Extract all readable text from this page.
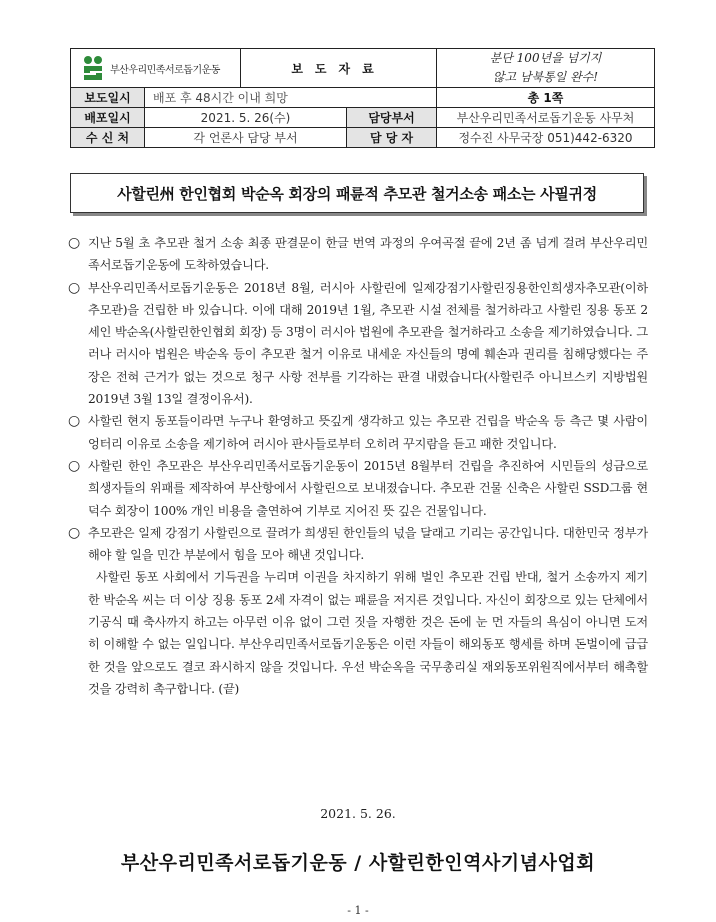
부산우리민족서로돕기운동		보도자료		분단 100년을 넘기지
않고 남북통일 완수!

보도일시	배포 후 48시간 이내 희망			총 1쪽
배포일시	2021. 5. 26(수)		담당부서	부산우리민족서로돕기운동 사무처
수 신 처	각 언론사 담당 부서		담 당 자	정수진 사무국장 051)442-6320
사할린州 한인협회 박순옥 회장의 패륜적 추모관 철거소송 패소는 사필귀정
○ 지난 5월 초 추모관 철거 소송 최종 판결문이 한글 번역 과정의 우여곡절 끝에 2년 좀 넘게 걸려 부산우리민족서로돕기운동에 도착하였습니다.
○ 부산우리민족서로돕기운동은 2018년 8월, 러시아 사할린에 일제강점기사할린징용한인희생자추모관(이하 추모관)을 건립한 바 있습니다. 이에 대해 2019년 1월, 추모관 시설 전체를 철거하라고 사할린 징용 동포 2세인 박순옥(사할린한인협회 회장) 등 3명이 러시아 법원에 추모관을 철거하라고 소송을 제기하였습니다. 그러나 러시아 법원은 박순옥 등이 추모관 철거 이유로 내세운 자신들의 명예 훼손과 권리를 침해당했다는 주장은 전혀 근거가 없는 것으로 청구 사항 전부를 기각하는 판결 내렸습니다(사할린주 아니브스키 지방법원 2019년 3월 13일 결정이유서).
○ 사할린 현지 동포들이라면 누구나 환영하고 뜻깊게 생각하고 있는 추모관 건립을 박순옥 등 측근 몇 사람이 엉터리 이유로 소송을 제기하여 러시아 판사들로부터 오히려 꾸지람을 듣고 패한 것입니다.
○ 사할린 한인 추모관은 부산우리민족서로돕기운동이 2015년 8월부터 건립을 추진하여 시민들의 성금으로 희생자들의 위패를 제작하여 부산항에서 사할린으로 보내졌습니다. 추모관 건물 신축은 사할린 SSD그룹 현덕수 회장이 100% 개인 비용을 출연하여 기부로 지어진 뜻 깊은 건물입니다.
○ 추모관은 일제 강점기 사할린으로 끌려가 희생된 한인들의 넋을 달래고 기리는 공간입니다. 대한민국 정부가 해야 할 일을 민간 부분에서 힘을 모아 해낸 것입니다.
사할린 동포 사회에서 기득권을 누리며 이권을 차지하기 위해 벌인 추모관 건립 반대, 철거 소송까지 제기한 박순옥 씨는 더 이상 징용 동포 2세 자격이 없는 패륜을 저지른 것입니다. 자신이 회장으로 있는 단체에서 기공식 때 축사까지 하고는 아무런 이유 없이 그런 짓을 자행한 것은 돈에 눈 먼 자들의 욕심이 아니면 도저히 이해할 수 없는 일입니다. 부산우리민족서로돕기운동은 이런 자들이 해외동포 행세를 하며 돈벌이에 급급한 것을 앞으로도 결코 좌시하지 않을 것입니다. 우선 박순옥을 국무총리실 재외동포위원직에서부터 해촉할 것을 강력히 촉구합니다. (끝)
2021. 5. 26.
부산우리민족서로돕기운동 / 사할린한인역사기념사업회
- 1 -
